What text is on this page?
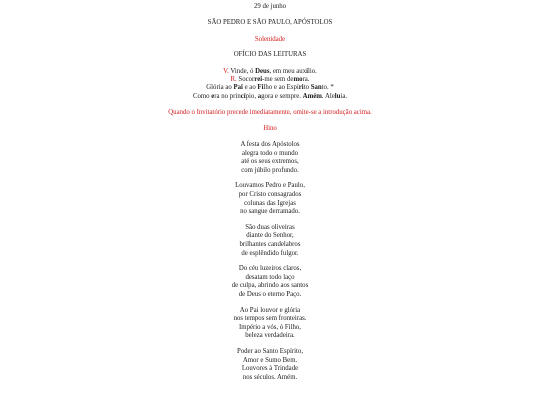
29 de junho
SÃO PEDRO E SÃO PAULO, APÓSTOLOS
Solenidade
OFÍCIO DAS LEITURAS
V. Vinde, ó Deus, em meu auxílio.
R. Socorrei-me sem demora.
Glória ao Pai e ao Filho e ao Espírito Santo. *
Como era no princípio, agora e sempre. Amém. Aleluia.
Quando o Invitatório precede imediatamente, omite-se a introdução acima.
Hino
A festa dos Apóstolos
alegra todo o mundo
até os seus extremos,
com júbilo profundo.
Louvamos Pedro e Paulo,
por Cristo consagrados
colunas das Igrejas
no sangue derramado.
São duas oliveiras
diante do Senhor,
brilhantes candelabros
de esplêndido fulgor.
Do céu luzeiros claros,
desatam todo laço
de culpa, abrindo aos santos
de Deus o eterno Paço.
Ao Pai louvor e glória
nos tempos sem fronteiras.
Império a vós, ó Filho,
beleza verdadeira.
Poder ao Santo Espírito,
Amor e Sumo Bem.
Louvores à Trindade
nos séculos. Amém.
